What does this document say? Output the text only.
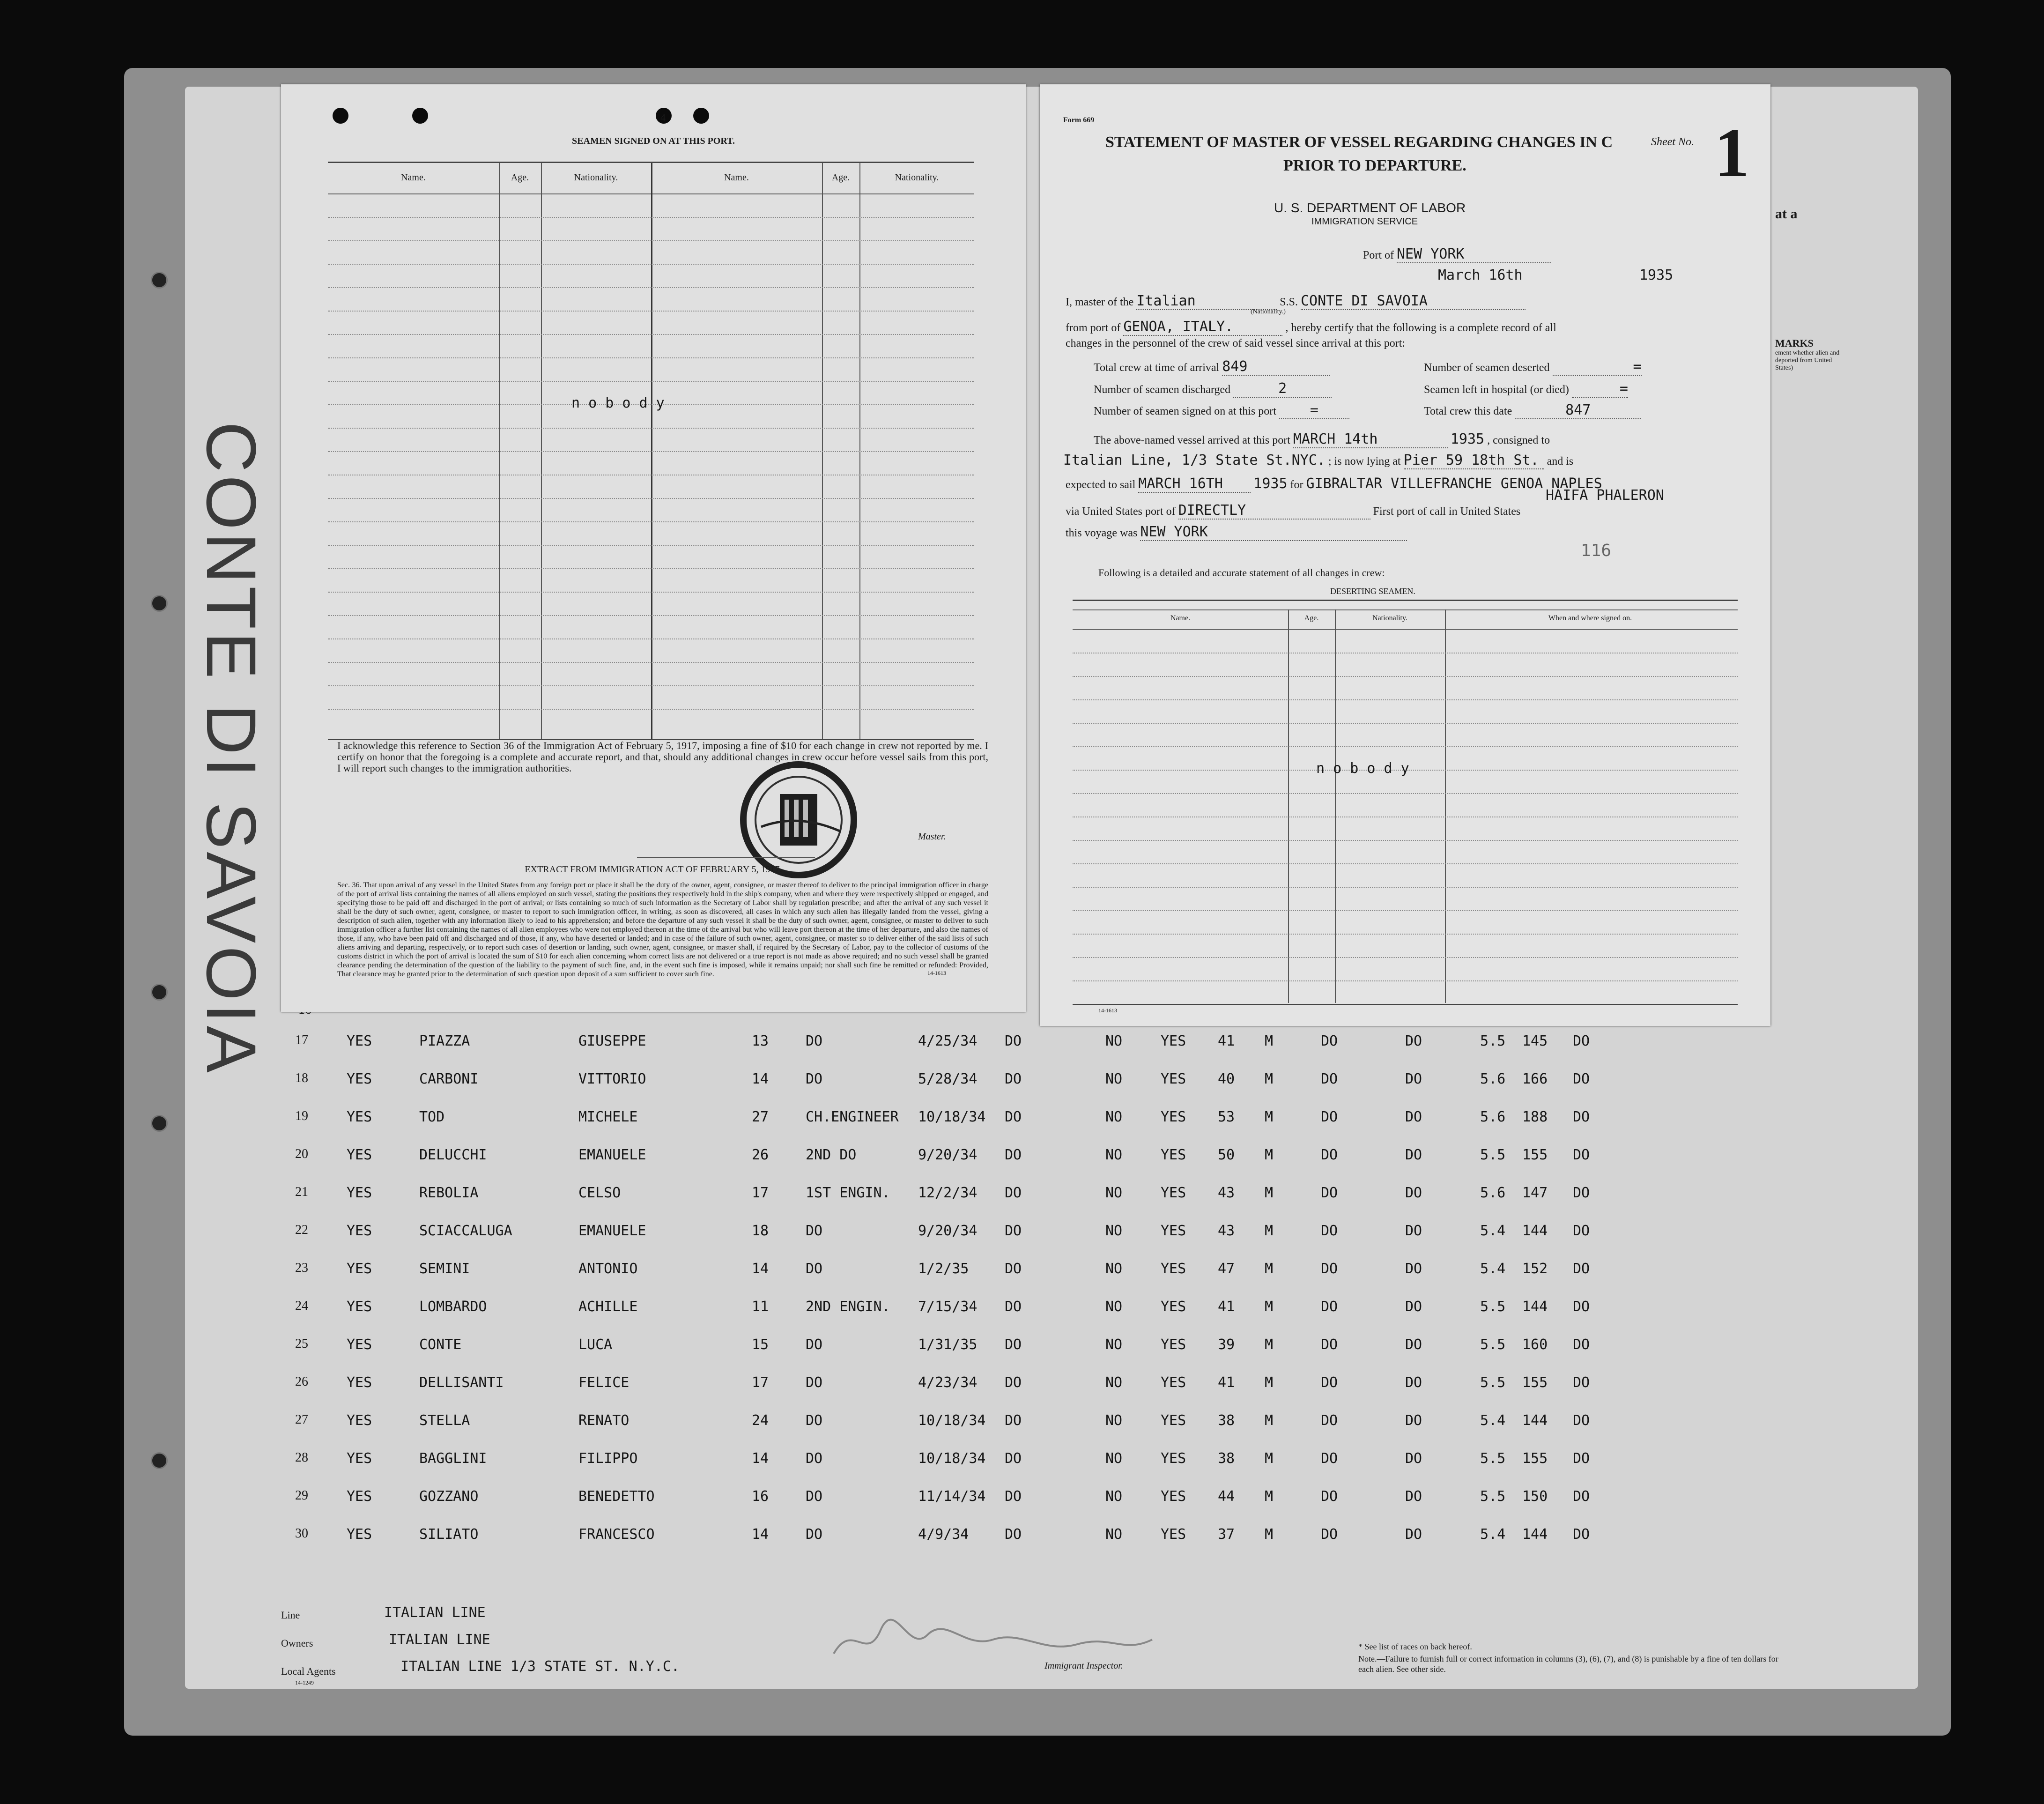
CONTE DI SAVOIA
MARKS
ement whether alien and deported from United States)
at a
4
SEAMEN SIGNED ON AT THIS PORT.
Name.	Age.	Nationality.	Name.	Age.	Nationality.
n o b o d y
I acknowledge this reference to Section 36 of the Immigration Act of February 5, 1917, imposing a fine of $10 for each change in crew not reported by me. I certify on honor that the foregoing is a complete and accurate report, and that, should any additional changes in crew occur before vessel sails from this port, I will report such changes to the immigration authorities.
Master.
EXTRACT FROM IMMIGRATION ACT OF FEBRUARY 5, 1917.
Sec. 36. That upon arrival of any vessel in the United States from any foreign port or place it shall be the duty of the owner, agent, consignee, or master thereof to deliver to the principal immigration officer in charge of the port of arrival lists containing the names of all aliens employed on such vessel, stating the positions they respectively hold in the ship's company, when and where they were respectively shipped or engaged, and specifying those to be paid off and discharged in the port of arrival; or lists containing so much of such information as the Secretary of Labor shall by regulation prescribe; and after the arrival of any such vessel it shall be the duty of such owner, agent, consignee, or master to report to such immigration officer, in writing, as soon as discovered, all cases in which any such alien has illegally landed from the vessel, giving a description of such alien, together with any information likely to lead to his apprehension; and before the departure of any such vessel it shall be the duty of such owner, agent, consignee, or master to deliver to such immigration officer a further list containing the names of all alien employees who were not employed thereon at the time of the arrival but who will leave port thereon at the time of her departure, and also the names of those, if any, who have been paid off and discharged and of those, if any, who have deserted or landed; and in case of the failure of such owner, agent, consignee, or master so to deliver either of the said lists of such aliens arriving and departing, respectively, or to report such cases of desertion or landing, such owner, agent, consignee, or master shall, if required by the Secretary of Labor, pay to the collector of customs of the customs district in which the port of arrival is located the sum of $10 for each alien concerning whom correct lists are not delivered or a true report is not made as above required; and no such vessel shall be granted clearance pending the determination of the question of the liability to the payment of such fine, and, in the event such fine is imposed, while it remains unpaid; nor shall such fine be remitted or refunded: Provided, That clearance may be granted prior to the determination of such question upon deposit of a sum sufficient to cover such fine.	14-1613
Form 669
STATEMENT OF MASTER OF VESSEL REGARDING CHANGES IN C
PRIOR TO DEPARTURE.
Sheet No. 1
U. S. DEPARTMENT OF LABOR
IMMIGRATION SERVICE
Port of NEW YORK
March 16th	1935
I, master of the Italian	S.S. CONTE DI SAVOIA
(Nationality.)
from port of GENOA, ITALY.	, hereby certify that the following is a complete record of all
changes in the personnel of the crew of said vessel since arrival at this port:
Total crew at time of arrival 849	Number of seamen deserted	=
Number of seamen discharged	2	Seamen left in hospital (or died)	=
Number of seamen signed on at this port =	Total crew this date	847
The above-named vessel arrived at this port MARCH 14th	1935 , consigned to
Italian Line, 1/3 State St.NYC. ; is now lying at Pier 59 18th St. and is
expected to sail MARCH 16TH 1935 for GIBRALTAR VILLEFRANCHE GENOA NAPLES
HAIFA PHALERON
via United States port of DIRECTLY	First port of call in United States
this voyage was NEW YORK
116
Following is a detailed and accurate statement of all changes in crew:
DESERTING SEAMEN.
Name.	Age.	Nationality.	When and where signed on.
n o b o d y
14-1613
17	YES	PIAZZA	GIUSEPPE	13	DO	4/25/34 DO	NO	YES 41 M	DO	DO	5.5 145 DO
18	YES	CARBONI	VITTORIO	14	DO	5/28/34 DO	NO	YES 40 M	DO	DO	5.6 166 DO
19	YES	TOD	MICHELE	27	CH.ENGINEER 10/18/34 DO	NO	YES 53 M	DO	DO	5.6 188 DO
20	YES	DELUCCHI	EMANUELE	26	2ND DO	9/20/34 DO	NO	YES 50 M	DO	DO	5.5 155 DO
21	YES	REBOLIA	CELSO	17	1ST ENGIN. 12/2/34 DO	NO	YES 43 M	DO	DO	5.6 147 DO
22	YES	SCIACCALUGA	EMANUELE	18	DO	9/20/34 DO	NO	YES 43 M	DO	DO	5.4 144 DO
23	YES	SEMINI	ANTONIO	14	DO	1/2/35	DO	NO	YES 47 M	DO	DO	5.4 152 DO
24	YES	LOMBARDO	ACHILLE	11	2ND ENGIN. 7/15/34 DO	NO	YES 41 M	DO	DO	5.5 144 DO
25	YES	CONTE	LUCA	15	DO	1/31/35 DO	NO	YES 39 M	DO	DO	5.5 160 DO
26	YES	DELLISANTI	FELICE	17	DO	4/23/34 DO	NO	YES 41 M	DO	DO	5.5 155 DO
27	YES	STELLA	RENATO	24	DO	10/18/34 DO	NO	YES 38 M	DO	DO	5.4 144 DO
28	YES	BAGGLINI	FILIPPO	14	DO	10/18/34 DO	NO	YES 38 M	DO	DO	5.5 155 DO
29	YES	GOZZANO	BENEDETTO	16	DO	11/14/34 DO	NO	YES 44 M	DO	DO	5.5 150 DO
30	YES	SILIATO	FRANCESCO	14	DO	4/9/34	DO	NO	YES 37 M	DO	DO	5.4 144 DO
Line	ITALIAN LINE
Owners	ITALIAN LINE
Local Agents	ITALIAN LINE 1/3 STATE ST. N.Y.C.
14-1249
Immigrant Inspector.
* See list of races on back hereof.
Note.—Failure to furnish full or correct information in columns (3), (6), (7), and (8) is punishable by a fine of ten dollars for each alien. See other side.
